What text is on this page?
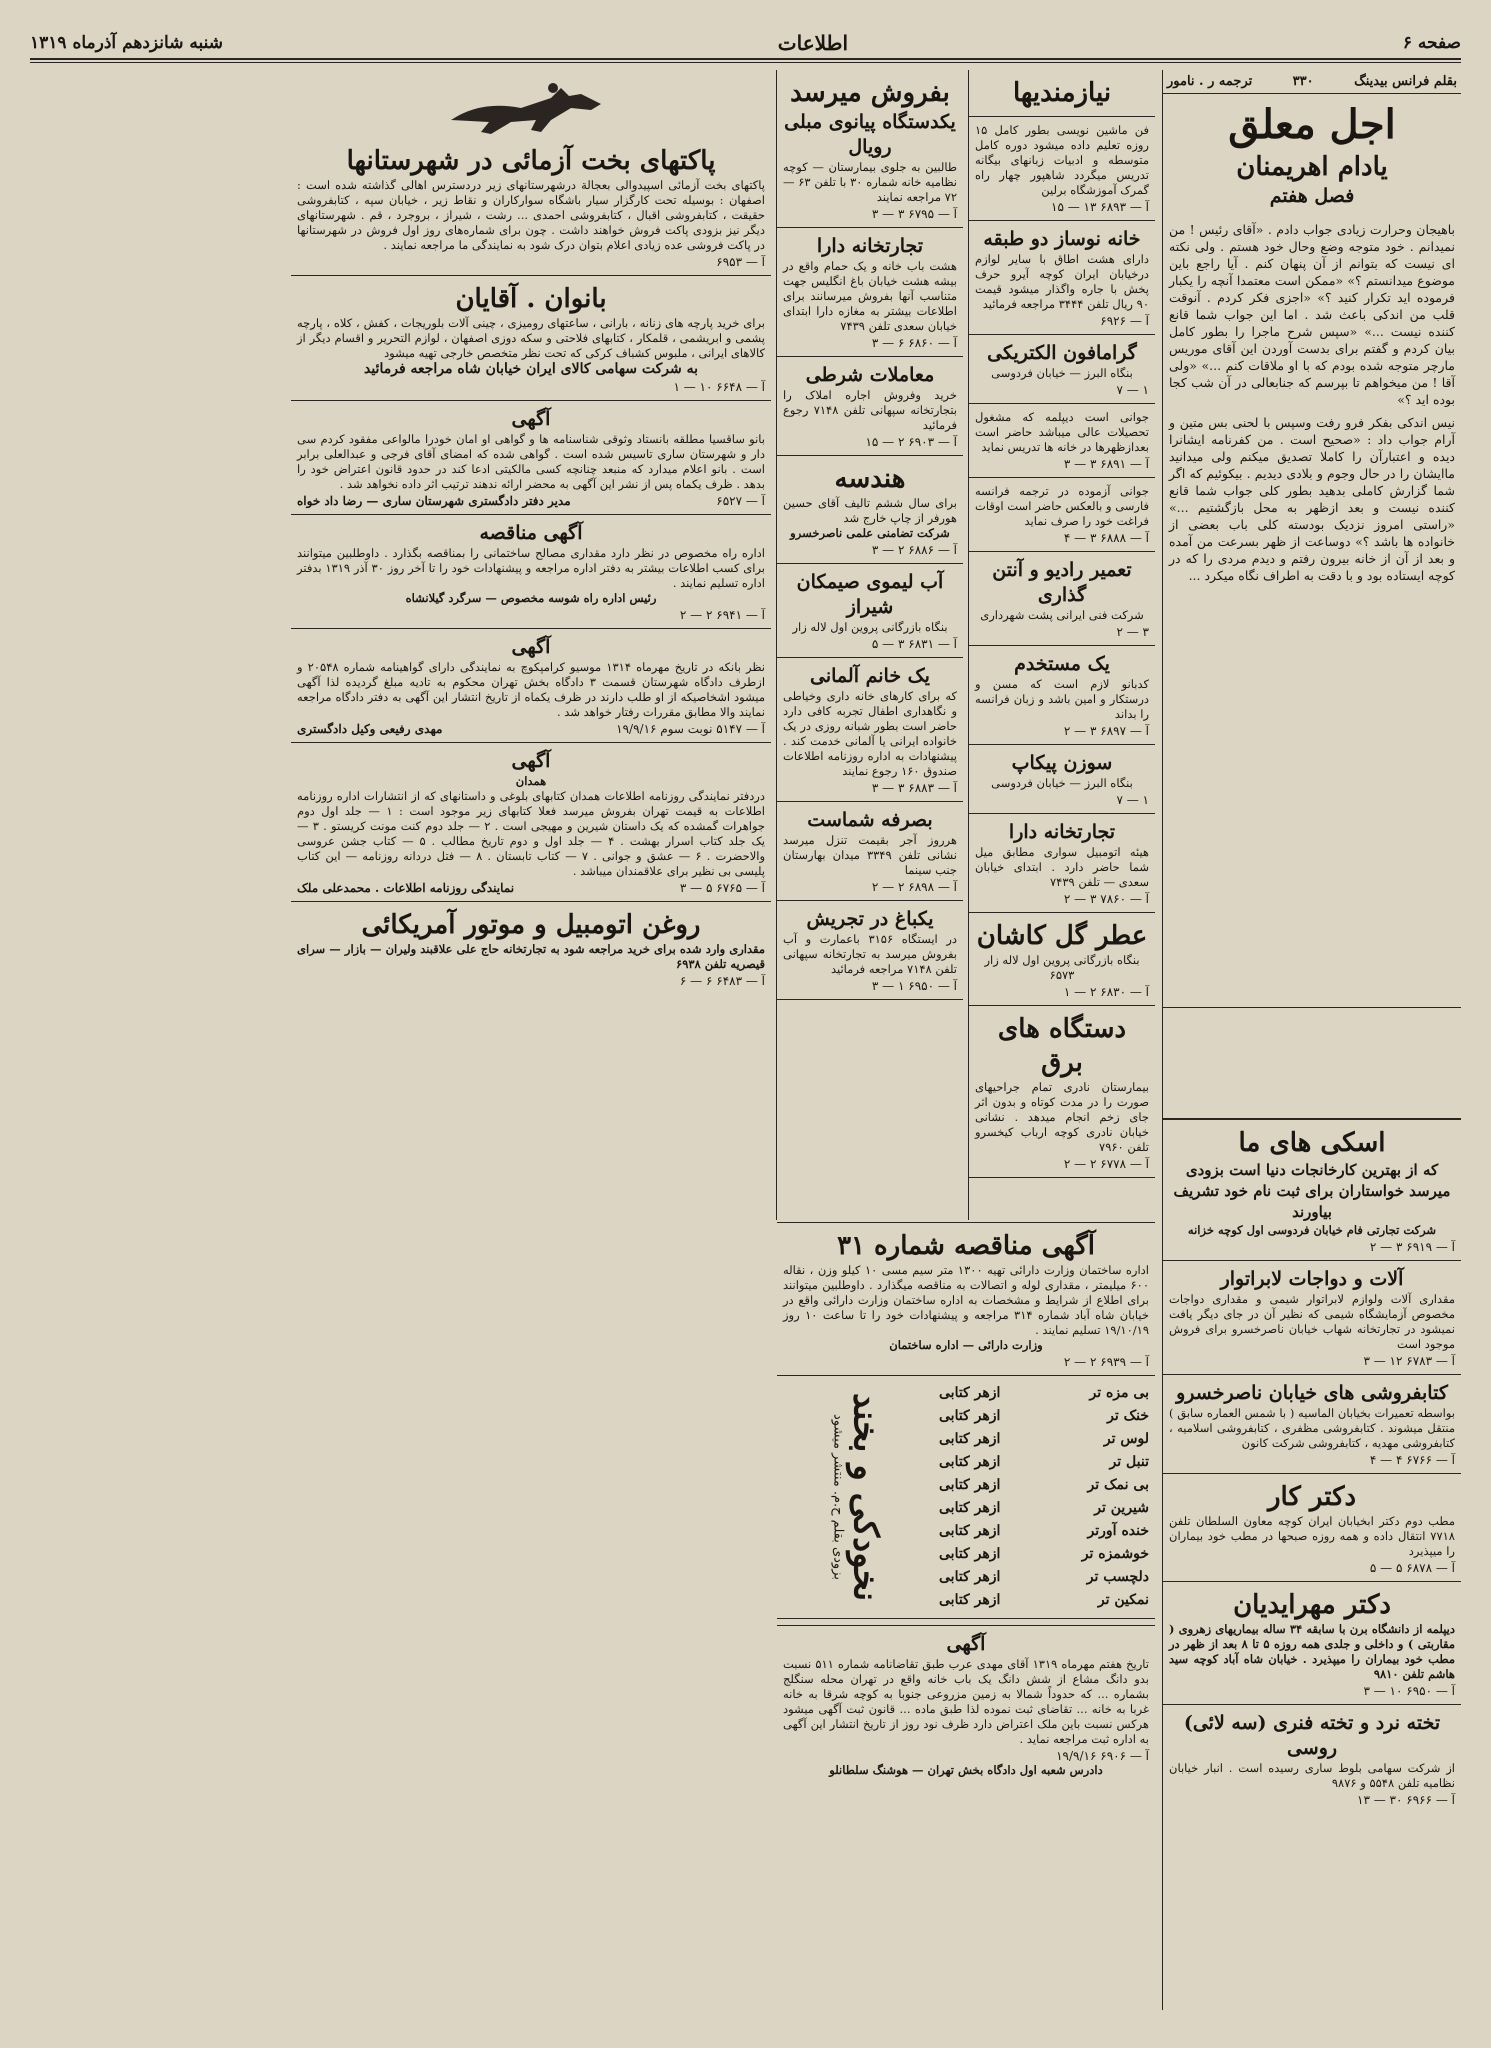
صفحه ۶
اطلاعات
شنبه شانزدهم آذرماه ۱۳۱۹
بقلم فرانس بیدینگ
۳۳۰
ترجمه ر . نامور
اجل معلق
یادام اهریمنان
فصل هفتم

باهیجان وحرارت زیادی جواب دادم . «آقای رئیس ! من نمیدانم . خود متوجه وضع وحال خود هستم . ولی نکته ای نیست که بتوانم از آن پنهان کنم . آیا راجع باین موضوع میدانستم ؟» «ممکن است معتمدا آنچه را یکبار فرموده اید تکرار کنید ؟» «اجزی فکر کردم . آنوقت قلب من اندکی باعث شد . اما این جواب شما قانع کننده نیست ...» «سپس شرح ماجرا را بطور کامل بیان کردم و گفتم برای بدست آوردن این آقای موریس مارچر متوجه شده بودم که با او ملاقات کنم ...» «ولی آقا ! من میخواهم تا بپرسم که جنابعالی در آن شب کجا بوده اید ؟»

نیس اندکی بفکر فرو رفت وسپس با لحنی بس متین و آرام جواب داد : «صحیح است . من کفرنامه ایشانرا دیده و اعتبارآن را کاملا تصدیق میکنم ولی میدانید ماایشان را در حال وجوم و بلادی دیدیم . بیکوئیم که اگر شما گزارش کاملی بدهید بطور کلی جواب شما قانع کننده نیست و بعد ازظهر به محل بازگشتیم ...» «راستی امروز نزدیک بودسته کلی باب بعضی از خانواده ها باشد ؟» دوساعت از ظهر بسرعت من آمده و بعد از آن از خانه بیرون رفتم و دیدم مردی را که در کوچه ایستاده بود و با دقت به اطراف نگاه میکرد ...

نیازمندیها

فن ماشین نویسی بطور کامل ۱۵ روزه تعلیم داده میشود دوره کامل متوسطه و ادبیات زبانهای بیگانه تدریس میگردد شاهپور چهار راه گمرک آموزشگاه برلین

آ — ۶۸۹۳ ۱۳ — ۱۵
خانه نوساز دو طبقه

دارای هشت اطاق با سایر لوازم درخیابان ایران کوچه آیرو حرف پخش با جاره واگذار میشود قیمت ۹۰ ریال تلفن ۳۴۴۴ مراجعه فرمائید

آ — ۶۹۲۶
گرامافون الکتریکی

بنگاه البرز — خیابان فردوسی

۱ — ۷

جوانی است دیپلمه که مشغول تحصیلات عالی میباشد حاضر است بعدازظهرها در خانه ها تدریس نماید

آ — ۶۸۹۱ ۳ — ۳

جوانی آزموده در ترجمه فرانسه فارسی و بالعکس حاضر است اوقات فراغت خود را صرف نماید

آ — ۶۸۸۸ ۳ — ۴
تعمیر رادیو و آنتن گذاری

شرکت فنی ایرانی پشت شهرداری

۳ — ۲
یک مستخدم

کدبانو لازم است که مسن و درستکار و امین باشد و زبان فرانسه را بداند

آ — ۶۸۹۷ ۳ — ۲
سوزن پیکاپ

بنگاه البرز — خیابان فردوسی

۱ — ۷
تجارتخانه دارا

هیئه اتومبیل سواری مطابق میل شما حاضر دارد . ابتدای خیابان سعدی — تلفن ۷۴۳۹

آ — ۷۸۶۰ ۳ — ۲
عطر گل کاشان

بنگاه بازرگانی پروین اول لاله زار ۶۵۷۳

آ — ۶۸۳۰ ۲ — ۱
دستگاه های برق

بیمارستان نادری تمام جراحیهای صورت را در مدت کوتاه و بدون اثر جای زخم انجام میدهد . نشانی خیابان نادری کوچه ارباب کیخسرو تلفن ۷۹۶۰

آ — ۶۷۷۸ ۲ — ۲
بفروش میرسد
یکدستگاه پیانوی مبلی رویال

طالبین به جلوی بیمارستان — کوچه نظامیه خانه شماره ۳۰ با تلفن ۶۳ — ۷۲ مراجعه نمایند

آ — ۶۷۹۵ ۳ — ۳
تجارتخانه دارا

هشت باب خانه و یک حمام واقع در بیشه هشت خیابان باغ انگلیس جهت متناسب آنها بفروش میرسانند برای اطلاعات بیشتر به مغازه دارا ابتدای خیابان سعدی تلفن ۷۴۳۹

آ — ۶۸۶۰ ۶ — ۳
معاملات شرطی

خرید وفروش اجاره املاک را بتجارتخانه سپهانی تلفن ۷۱۴۸ رجوع فرمائید

آ — ۶۹۰۳ ۲ — ۱۵
هندسه

برای سال ششم تالیف آقای حسین هورفر از چاپ خارج شد

شرکت تضامنی علمی ناصرخسرو

آ — ۶۸۸۶ ۲ — ۳
آب لیموی صیمکان شیراز

بنگاه بازرگانی پروین اول لاله زار

آ — ۶۸۳۱ ۳ — ۵
یک خانم آلمانی

که برای کارهای خانه داری وخیاطی و نگاهداری اطفال تجربه کافی دارد حاضر است بطور شبانه روزی در یک خانواده ایرانی یا آلمانی خدمت کند . پیشنهادات به اداره روزنامه اطلاعات صندوق ۱۶۰ رجوع نمایند

آ — ۶۸۸۳ ۳ — ۳
بصرفه شماست

هرروز آجر بقیمت تنزل میرسد نشانی تلفن ۳۳۴۹ میدان بهارستان جنب سینما

آ — ۶۸۹۸ ۲ — ۲
یکباغ در تجریش

در ایستگاه ۳۱۵۶ باعمارت و آب بفروش میرسد به تجارتخانه سپهانی تلفن ۷۱۴۸ مراجعه فرمائید

آ — ۶۹۵۰ ۱ — ۳
پاکتهای بخت آزمائی در شهرستانها

پاکتهای بخت آزمائی اسپیدوالی بعجالة درشهرستانهای زیر دردسترس اهالی گذاشته شده است : اصفهان : بوسیله تحت کارگزار سیار باشگاه سوارکاران و نقاط زیر ، خیابان سپه ، کتابفروشی حقیقت ، کتابفروشی اقبال ، کتابفروشی احمدی ... رشت ، شیراز ، بروجرد ، قم . شهرستانهای دیگر نیز بزودی پاکت فروش خواهند داشت . چون برای شماره‌های روز اول فروش در شهرستانها در پاکت فروشی عده زیادی اعلام بتوان درک شود به نمایندگی ما مراجعه نمایند .

آ — ۶۹۵۳
بانوان . آقایان

برای خرید پارچه های زنانه ، بارانی ، ساعتهای رومیزی ، چینی آلات بلوریجات ، کفش ، کلاه ، پارچه پشمی و ابریشمی ، قلمکار ، کتابهای فلاحتی و سکه دوزی اصفهان ، لوازم التحریر و اقسام دیگر از کالاهای ایرانی ، ملبوس کشباف کرکی که تحت نظر متخصص خارجی تهیه میشود

به شرکت سهامی کالای ایران خیابان شاه مراجعه فرمائید

آ — ۶۶۴۸ ۱۰ — ۱
آگهی

بانو ساقسیا مطلقه بانستاد وثوقی شناسنامه ها و گواهی او امان خودرا مالواعی مفقود کردم سی دار و شهرستان ساری تاسیس شده است . گواهی شده که امضای آقای فرجی و عبدالعلی برابر است . بانو اعلام میدارد که منبعد چنانچه کسی مالکیتی ادعا کند در حدود قانون اعتراض خود را بدهد . ظرف یکماه پس از نشر این آگهی به محضر ارائه ندهند ترتیب اثر داده نخواهد شد .

آ — ۶۵۲۷
مدیر دفتر دادگستری شهرستان ساری — رضا داد خواه
آگهی مناقصه

اداره راه مخصوص در نظر دارد مقداری مصالح ساختمانی را بمناقصه بگذارد . داوطلبین میتوانند برای کسب اطلاعات بیشتر به دفتر اداره مراجعه و پیشنهادات خود را تا آخر روز ۳۰ آذر ۱۳۱۹ بدفتر اداره تسلیم نمایند .

رئیس اداره راه شوسه مخصوص — سرگرد گیلانشاه

آ — ۶۹۴۱ ۲ — ۲
آگهی

نظر بانکه در تاریخ مهرماه ۱۳۱۴ موسیو کرامپکوچ به نمایندگی دارای گواهینامه شماره ۲۰۵۴۸ و ازطرف دادگاه شهرستان قسمت ۳ دادگاه بخش تهران محکوم به تادیه مبلغ گردیده لذا آگهی میشود اشخاصیکه از او طلب دارند در ظرف یکماه از تاریخ انتشار این آگهی به دفتر دادگاه مراجعه نمایند والا مطابق مقررات رفتار خواهد شد .

آ — ۵۱۴۷ نوبت سوم ۱۹/۹/۱۶
مهدی رفیعی وکیل دادگستری
آگهی

همدان

دردفتر نمایندگی روزنامه اطلاعات همدان کتابهای بلوغی و داستانهای که از انتشارات اداره روزنامه اطلاعات به قیمت تهران بفروش میرسد فعلا کتابهای زیر موجود است : ۱ — جلد اول دوم جواهرات گمشده که یک داستان شیرین و مهیجی است . ۲ — جلد دوم کنت مونت کریستو . ۳ — یک جلد کتاب اسرار بهشت . ۴ — جلد اول و دوم تاریخ مطالب . ۵ — کتاب جشن عروسی والاحضرت . ۶ — عشق و جوانی . ۷ — کتاب تابستان . ۸ — فتل دردانه روزنامه — این کتاب پلیسی بی نظیر برای علاقمندان میباشد .

آ — ۶۷۶۵ ۵ — ۳
نمایندگی روزنامه اطلاعات . محمدعلی ملک
روغن اتومبیل و موتور آمریکائی

مقداری وارد شده برای خرید مراجعه شود به تجارتخانه حاج علی علاقبند ولیران — بازار — سرای قیصریه تلفن ۶۹۳۸

آ — ۶۴۸۳ ۶ — ۶
آگهی مناقصه شماره ۳۱

اداره ساختمان وزارت دارائی تهیه ۱۳۰۰ متر سیم مسی ۱۰ کیلو وزن ، نقاله ۶۰۰ میلیمتر ، مقداری لوله و اتصالات به مناقصه میگذارد . داوطلبین میتوانند برای اطلاع از شرایط و مشخصات به اداره ساختمان وزارت دارائی واقع در خیابان شاه آباد شماره ۳۱۴ مراجعه و پیشنهادات خود را تا ساعت ۱۰ روز ۱۹/۱۰/۱۹ تسلیم نمایند .

وزارت دارائی — اداره ساختمان

آ — ۶۹۳۹ ۲ — ۲
بی مزه تر
ازهر کتابی
خنک تر
ازهر کتابی
لوس تر
ازهر کتابی
تنبل تر
ازهر کتابی
بی نمک تر
ازهر کتابی
شیرین تر
ازهر کتابی
خنده آورتر
ازهر کتابی
خوشمزه تر
ازهر کتابی
دلچسب تر
ازهر کتابی
نمکین تر
ازهر کتابی
نخودکی و بخند
بزودی بقلم ح.م. منتشر میشود
آگهی

تاریخ هفتم مهرماه ۱۳۱۹ آقای مهدی عرب طبق تقاضانامه شماره ۵۱۱ نسبت بدو دانگ مشاع از شش دانگ یک باب خانه واقع در تهران محله سنگلج بشماره ... که حدوداً شمالا به زمین مزروعی جنوبا به کوچه شرقا به خانه غربا به خانه ... تقاضای ثبت نموده لذا طبق ماده ... قانون ثبت آگهی میشود هرکس نسبت باین ملک اعتراض دارد ظرف نود روز از تاریخ انتشار این آگهی به اداره ثبت مراجعه نماید .

آ — ۶۹۰۶ ۱۹/۹/۱۶

دادرس شعبه اول دادگاه بخش تهران — هوشنگ سلطانلو

اسکی های ما

که از بهترین کارخانجات دنیا است بزودی میرسد خواستاران برای ثبت نام خود تشریف بیاورند

شرکت تجارتی فام خیابان فردوسی اول کوچه خزانه

آ — ۶۹۱۹ ۳ — ۲
آلات و دواجات لابراتوار

مقداری آلات ولوازم لابراتوار شیمی و مقداری دواجات مخصوص آزمایشگاه شیمی که نظیر آن در جای دیگر یافت نمیشود در تجارتخانه شهاب خیابان ناصرخسرو برای فروش موجود است

آ — ۶۷۸۳ ۱۲ — ۳
کتابفروشی های خیابان ناصرخسرو

بواسطه تعمیرات بخیابان الماسیه ( با شمس العماره سابق ) منتقل میشوند . کتابفروشی مظفری ، کتابفروشی اسلامیه ، کتابفروشی مهدیه ، کتابفروشی شرکت کانون

آ — ۶۷۶۶ ۴ — ۴
دکتر کار

مطب دوم دکتر ابخیابان ایران کوچه معاون السلطان تلفن ۷۷۱۸ انتقال داده و همه روزه صبحها در مطب خود بیماران را میپذیرد

آ — ۶۸۷۸ ۵ — ۵
دکتر مهرایدیان

دیپلمه از دانشگاه برن با سابقه ۳۴ ساله بیماریهای زهروی ( مقاربتی ) و داخلی و جلدی همه روزه ۵ تا ۸ بعد از ظهر در مطب خود بیماران را میپذیرد . خیابان شاه آباد کوچه سید هاشم تلفن ۹۸۱۰

آ — ۶۹۵۰ ۱۰ — ۳
تخته نرد و تخته فنری (سه لائی) روسی

از شرکت سهامی بلوط ساری رسیده است . انبار خیابان نظامیه تلفن ۵۵۴۸ و ۹۸۷۶

آ — ۶۹۶۶ ۳۰ — ۱۳
